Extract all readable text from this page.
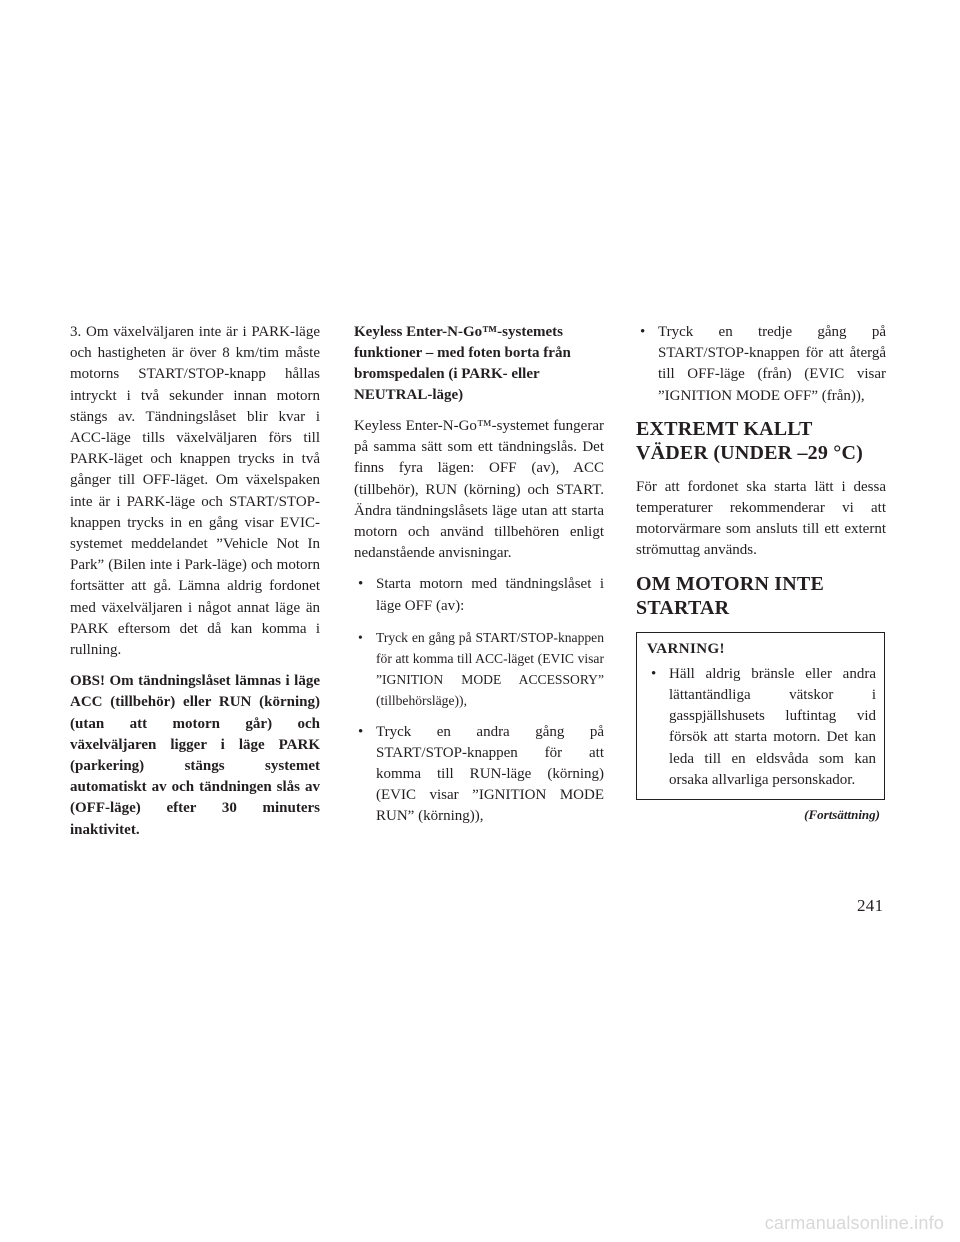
3. Om växelväljaren inte är i PARK-läge och hastigheten är över 8 km/tim måste motorns START/STOP-knapp hållas intryckt i två sekunder innan motorn stängs av. Tändningslåset blir kvar i ACC-läge tills växelväljaren förs till PARK-läget och knappen trycks in två gånger till OFF-läget. Om växelspaken inte är i PARK-läge och START/STOP-knappen trycks in en gång visar EVIC-systemet meddelandet ”Vehicle Not In Park” (Bilen inte i Park-läge) och motorn fortsätter att gå. Lämna aldrig fordonet med växelväljaren i något annat läge än PARK eftersom det då kan komma i rullning.

OBS! Om tändningslåset lämnas i läge ACC (tillbehör) eller RUN (körning) (utan att motorn går) och växelväljaren ligger i läge PARK (parkering) stängs systemet automatiskt av och tändningen slås av (OFF-läge) efter 30 minuters inaktivitet.

Keyless Enter-N-Go™-systemets funktioner – med foten borta från bromspedalen (i PARK- eller NEUTRAL-läge)

Keyless Enter-N-Go™-systemet fungerar på samma sätt som ett tändningslås. Det finns fyra lägen: OFF (av), ACC (tillbehör), RUN (körning) och START. Ändra tändningslåsets läge utan att starta motorn och använd tillbehören enligt nedanstående anvisningar.

• Starta motorn med tändningslåset i läge OFF (av):
• Tryck en gång på START/STOP-knappen för att komma till ACC-läget (EVIC visar ”IGNITION MODE ACCESSORY” (tillbehörsläge)),
• Tryck en andra gång på START/STOP-knappen för att komma till RUN-läge (körning) (EVIC visar ”IGNITION MODE RUN” (körning)),
• Tryck en tredje gång på START/STOP-knappen för att återgå till OFF-läge (från) (EVIC visar ”IGNITION MODE OFF” (från)),
EXTREMT KALLT VÄDER (UNDER –29 °C)

För att fordonet ska starta lätt i dessa temperaturer rekommenderar vi att motorvärmare som ansluts till ett externt strömuttag används.

OM MOTORN INTE STARTAR
VARNING!
• Häll aldrig bränsle eller andra lättantändliga vätskor i gasspjällshusets luftintag vid försök att starta motorn. Det kan leda till en eldsvåda som kan orsaka allvarliga personskador.
(Fortsättning)
241
carmanualsonline.info
